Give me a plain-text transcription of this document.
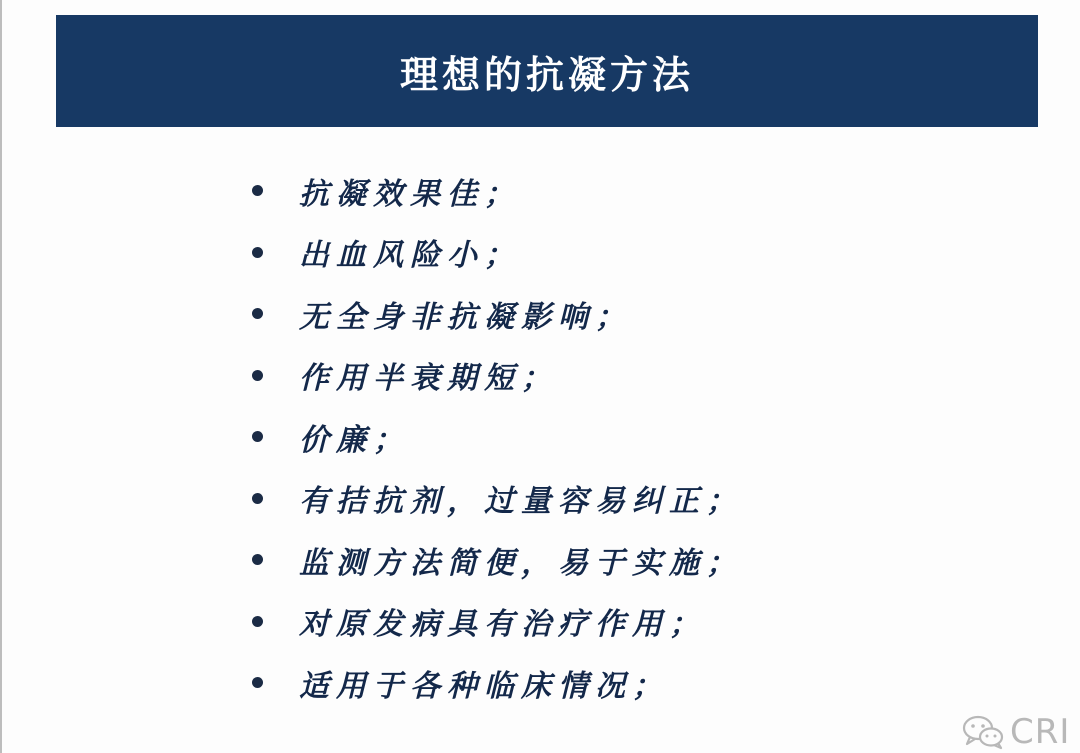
理想的抗凝方法
抗凝效果佳；
出血风险小；
无全身非抗凝影响；
作用半衰期短；
价廉；
有拮抗剂，过量容易纠正；
监测方法简便，易于实施；
对原发病具有治疗作用；
适用于各种临床情况；
CRI
